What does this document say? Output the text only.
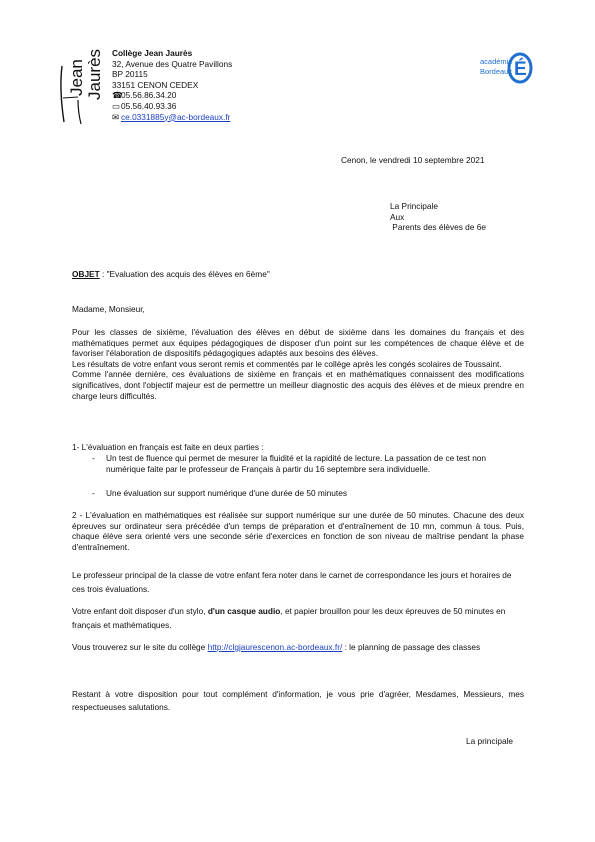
Jean Jaurès Collège Jean Jaurès
32, Avenue des Quatre Pavillons
BP 20115
33151 CENON CEDEX
☎05.56.86.34.20
▭05.56.40.93.36
✉ ce.0331885y@ac-bordeaux.fr
académie
Bordeaux É
Cenon, le vendredi 10 septembre 2021
La Principale
Aux
Parents des élèves de 6e
OBJET : "Evaluation des acquis des élèves en 6ème"
Madame, Monsieur,

Pour les classes de sixième, l'évaluation des élèves en début de sixième dans les domaines du français et des mathématiques permet aux équipes pédagogiques de disposer d'un point sur les compétences de chaque élève et de favoriser l'élaboration de dispositifs pédagogiques adaptés aux besoins des élèves.

Les résultats de votre enfant vous seront remis et commentés par le collège après les congés scolaires de Toussaint.

Comme l'année dernière, ces évaluations de sixième en français et en mathématiques connaissent des modifications significatives, dont l'objectif majeur est de permettre un meilleur diagnostic des acquis des élèves et de mieux prendre en charge leurs difficultés.

1- L'évaluation en français est faite en deux parties :
- Un test de fluence qui permet de mesurer la fluidité et la rapidité de lecture. La passation de ce test non numérique faite par le professeur de Français à partir du 16 septembre sera individuelle.
- Une évaluation sur support numérique d'une durée de 50 minutes

2 - L'évaluation en mathématiques est réalisée sur support numérique sur une durée de 50 minutes. Chacune des deux épreuves sur ordinateur sera précédée d'un temps de préparation et d'entraînement de 10 mn, commun à tous. Puis, chaque élève sera orienté vers une seconde série d'exercices en fonction de son niveau de maîtrise pendant la phase d'entraînement.

Le professeur principal de la classe de votre enfant fera noter dans le carnet de correspondance les jours et horaires de ces trois évaluations.

Votre enfant doit disposer d'un stylo, d'un casque audio, et papier brouillon pour les deux épreuves de 50 minutes en français et mathématiques.

Vous trouverez sur le site du collège http://clgjaurescenon.ac-bordeaux.fr/ : le planning de passage des classes

Restant à votre disposition pour tout complément d'information, je vous prie d'agréer, Mesdames, Messieurs, mes respectueuses salutations.

La principale
